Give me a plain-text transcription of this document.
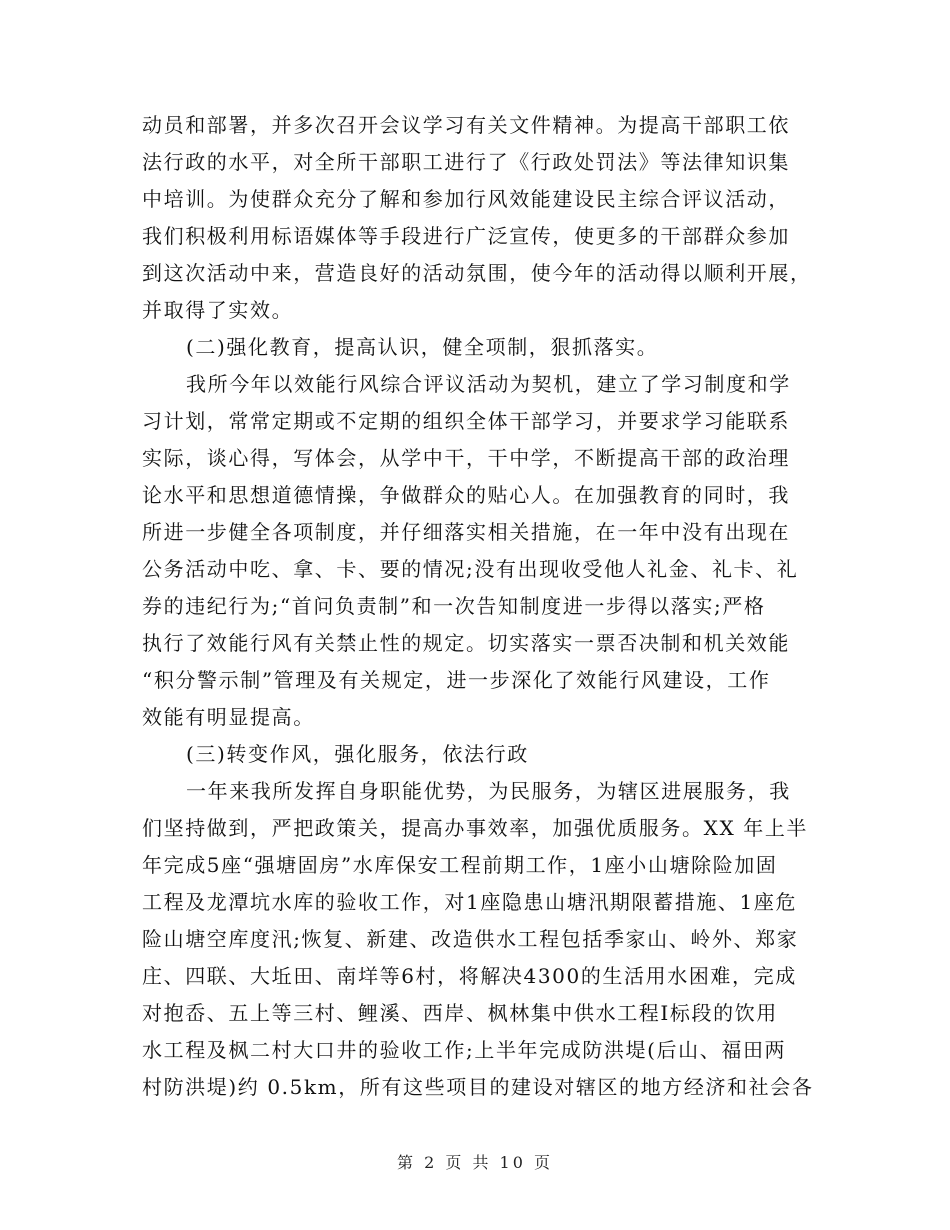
动员和部署，并多次召开会议学习有关文件精神。为提高干部职工依
法行政的水平，对全所干部职工进行了《行政处罚法》等法律知识集
中培训。为使群众充分了解和参加行风效能建设民主综合评议活动，
我们积极利用标语媒体等手段进行广泛宣传，使更多的干部群众参加
到这次活动中来，营造良好的活动氛围，使今年的活动得以顺利开展，
并取得了实效。
(二)强化教育，提高认识，健全项制，狠抓落实。
我所今年以效能行风综合评议活动为契机，建立了学习制度和学
习计划，常常定期或不定期的组织全体干部学习，并要求学习能联系
实际，谈心得，写体会，从学中干，干中学，不断提高干部的政治理
论水平和思想道德情操，争做群众的贴心人。在加强教育的同时，我
所进一步健全各项制度，并仔细落实相关措施，在一年中没有出现在
公务活动中吃、拿、卡、要的情况;没有出现收受他人礼金、礼卡、礼
券的违纪行为;“首问负责制”和一次告知制度进一步得以落实;严格
执行了效能行风有关禁止性的规定。切实落实一票否决制和机关效能
“积分警示制”管理及有关规定，进一步深化了效能行风建设，工作
效能有明显提高。
(三)转变作风，强化服务，依法行政
一年来我所发挥自身职能优势，为民服务，为辖区进展服务，我
们坚持做到，严把政策关，提高办事效率，加强优质服务。XX 年上半
年完成5座“强塘固房”水库保安工程前期工作，1座小山塘除险加固
工程及龙潭坑水库的验收工作，对1座隐患山塘汛期限蓄措施、1座危
险山塘空库度汛;恢复、新建、改造供水工程包括季家山、岭外、郑家
庄、四联、大坵田、南垟等6村，将解决4300的生活用水困难，完成
对抱岙、五上等三村、鲤溪、西岸、枫林集中供水工程Ⅰ标段的饮用
水工程及枫二村大口井的验收工作;上半年完成防洪堤(后山、福田两
村防洪堤)约 0.5km，所有这些项目的建设对辖区的地方经济和社会各
第 2 页 共 10 页
